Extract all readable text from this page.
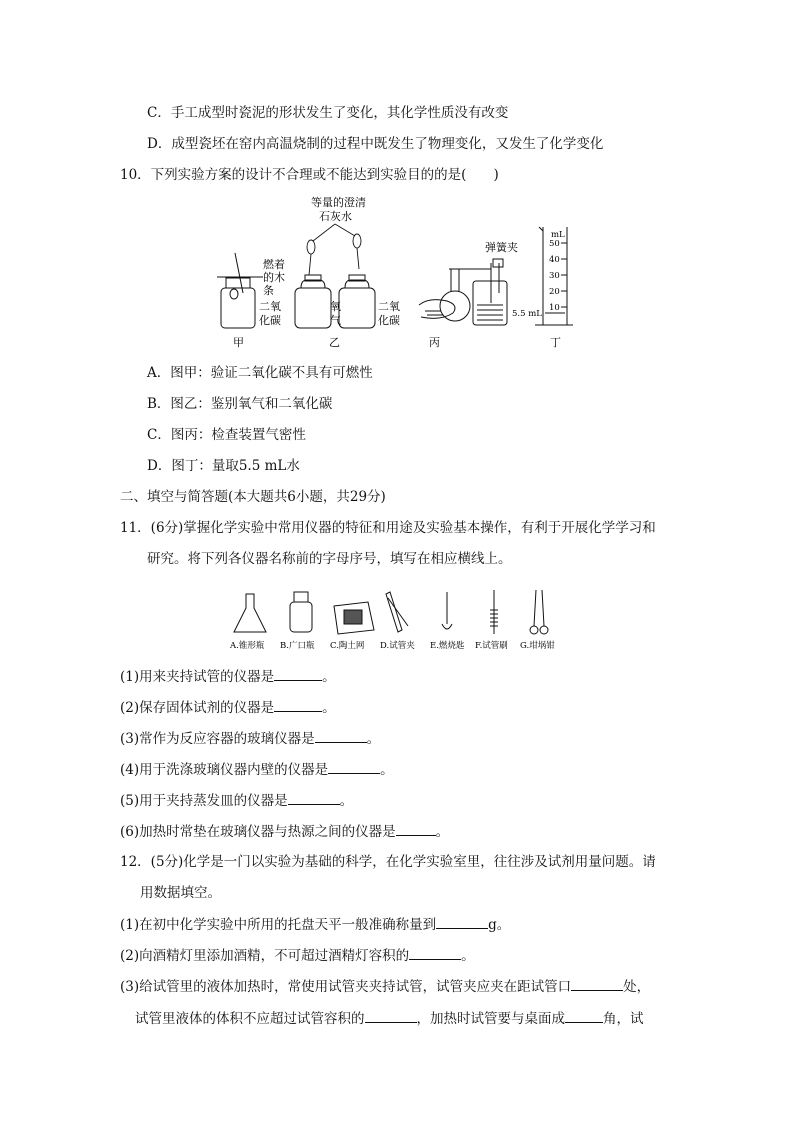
C．手工成型时瓷泥的形状发生了变化，其化学性质没有改变
D．成型瓷坯在窑内高温烧制的过程中既发生了物理变化，又发生了化学变化
10．下列实验方案的设计不合理或不能达到实验目的的是(　　)
等量的澄清
石灰水
燃着
的木
条
二氧
化碳
氧
气
二氧
化碳
弹簧夹
mL
50
40
30
20
10
5.5 mL
甲	乙	丙	丁
A．图甲：验证二氧化碳不具有可燃性
B．图乙：鉴别氧气和二氧化碳
C．图丙：检查装置气密性
D．图丁：量取5.5 mL水
二、填空与简答题(本大题共6小题，共29分)
11．(6分)掌握化学实验中常用仪器的特征和用途及实验基本操作，有利于开展化学学习和
研究。将下列各仪器名称前的字母序号，填写在相应横线上。
A.锥形瓶 B.广口瓶 C.陶土网 D.试管夹 E.燃烧匙 F.试管刷 G.坩埚钳
(1)用来夹持试管的仪器是	。
(2)保存固体试剂的仪器是	。
(3)常作为反应容器的玻璃仪器是	。
(4)用于洗涤玻璃仪器内壁的仪器是	。
(5)用于夹持蒸发皿的仪器是	。
(6)加热时常垫在玻璃仪器与热源之间的仪器是	。
12．(5分)化学是一门以实验为基础的科学，在化学实验室里，往往涉及试剂用量问题。请
用数据填空。
(1)在初中化学实验中所用的托盘天平一般准确称量到	g。
(2)向酒精灯里添加酒精，不可超过酒精灯容积的	。
(3)给试管里的液体加热时，常使用试管夹夹持试管，试管夹应夹在距试管口	处，
试管里液体的体积不应超过试管容积的	，加热时试管要与桌面成	角，试
